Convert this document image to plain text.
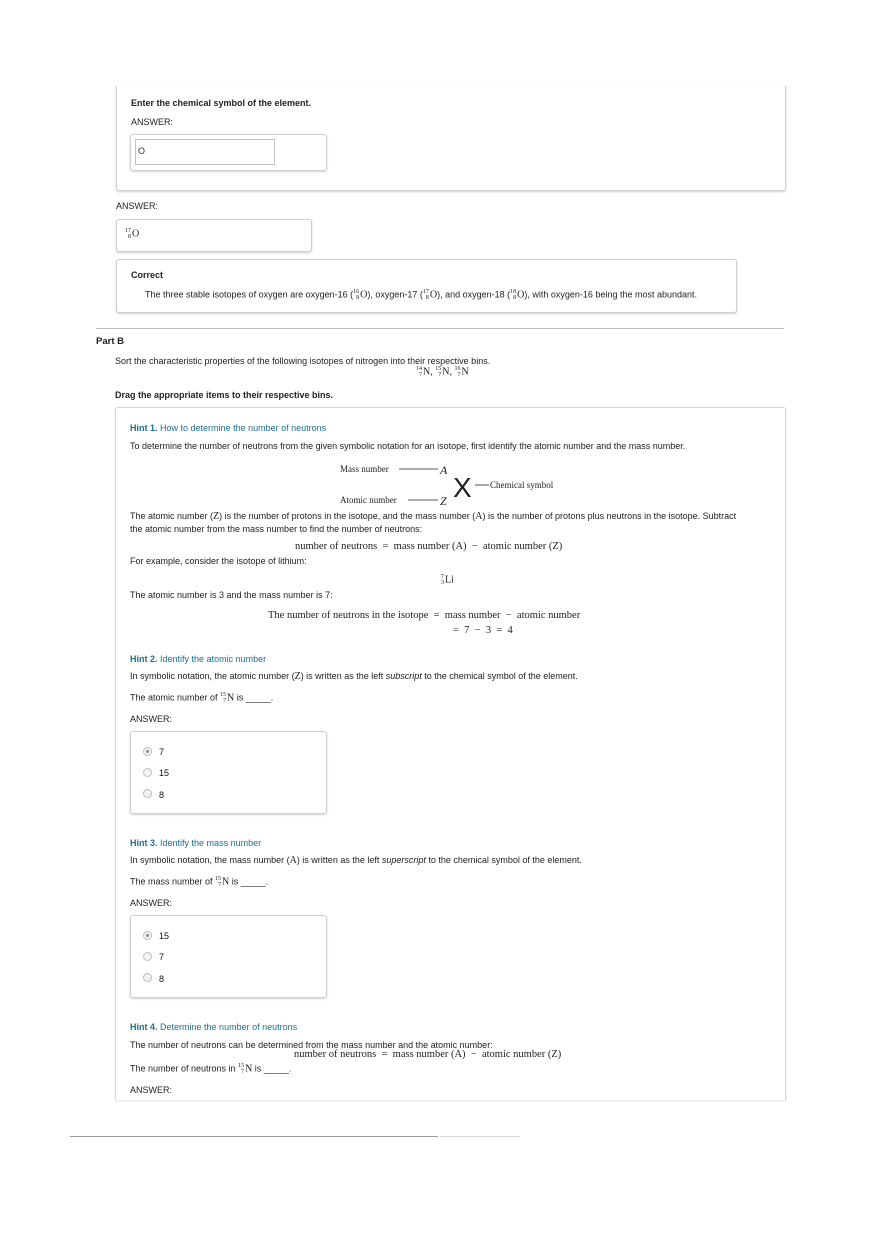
Enter the chemical symbol of the element.
ANSWER:
O
ANSWER:
17
8 O
Correct
The three stable isotopes of oxygen are oxygen-16 ( 16
8 O), oxygen-17 ( 17
8 O), and oxygen-18 ( 18
8 O), with oxygen-16 being the most abundant.
Part B
Sort the characteristic properties of the following isotopes of nitrogen into their respective bins.
14
7 N, 15
7 N, 16
7 N
Drag the appropriate items to their respective bins.
Hint 1. How to determine the number of neutrons
To determine the number of neutrons from the given symbolic notation for an isotope, first identify the atomic number and the mass number.
Mass number	A
X Chemical symbol
Atomic number	Z
The atomic number (Z) is the number of protons in the isotope, and the mass number (A) is the number of protons plus neutrons in the isotope. Subtract
the atomic number from the mass number to find the number of neutrons:
number of neutrons  =  mass number (A)  −  atomic number (Z)
For example, consider the isotope of lithium:
7
3 Li
The atomic number is 3 and the mass number is 7:
The number of neutrons in the isotope  =  mass number  −  atomic number
=  7  −  3  =  4
Hint 2. Identify the atomic number
In symbolic notation, the atomic number (Z) is written as the left subscript to the chemical symbol of the element.
The atomic number of 15
7 N is _____.
ANSWER:
7
15
8
Hint 3. Identify the mass number
In symbolic notation, the mass number (A) is written as the left superscript to the chemical symbol of the element.
The mass number of 15
7 N is _____.
ANSWER:
15
7
8
Hint 4. Determine the number of neutrons
The number of neutrons can be determined from the mass number and the atomic number:
number of neutrons  =  mass number (A)  −  atomic number (Z)
The number of neutrons in 15
7 N is _____.
ANSWER:
